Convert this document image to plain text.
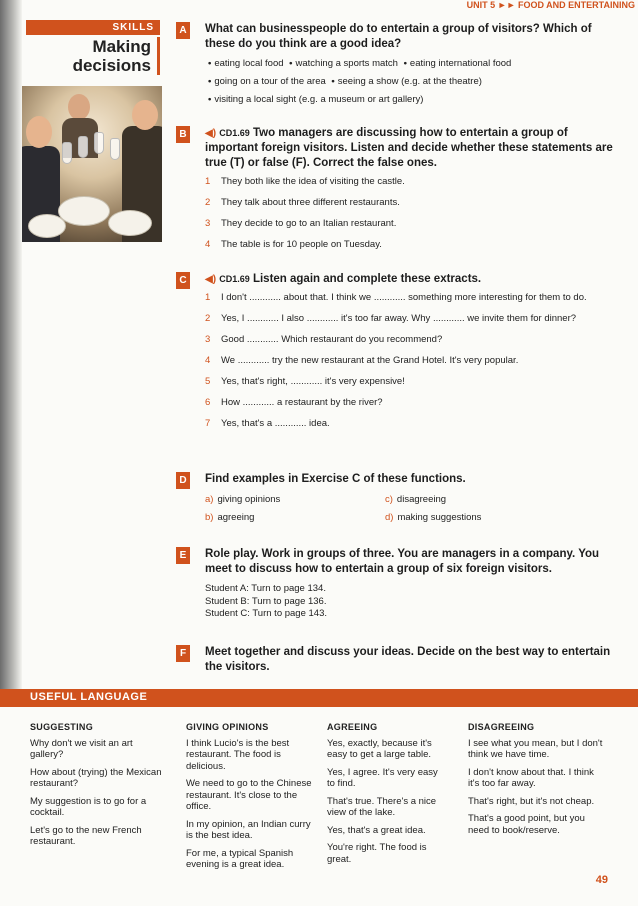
UNIT 5 ►► FOOD AND ENTERTAINING
SKILLS
Making
decisions
A What can businesspeople do to entertain a group of visitors? Which of these do you think are a good idea?
• eating local food • watching a sports match • eating international food
• going on a tour of the area • seeing a show (e.g. at the theatre)
• visiting a local sight (e.g. a museum or art gallery)
B	◀) CD1.69 Two managers are discussing how to entertain a group of important foreign visitors. Listen and decide whether these statements are true (T) or false (F). Correct the false ones.
1	They both like the idea of visiting the castle.
2	They talk about three different restaurants.
3	They decide to go to an Italian restaurant.
4	The table is for 10 people on Tuesday.
C	◀) CD1.69 Listen again and complete these extracts.
1	I don't ............ about that. I think we ............ something more interesting for them to do.
2	Yes, I ............ I also ............ it's too far away. Why ............ we invite them for dinner?
3	Good ............ Which restaurant do you recommend?
4	We ............ try the new restaurant at the Grand Hotel. It's very popular.
5	Yes, that's right, ............ it's very expensive!
6	How ............ a restaurant by the river?
7	Yes, that's a ............ idea.
D Find examples in Exercise C of these functions.
a) giving opinions	c) disagreeing
b) agreeing	d) making suggestions
E	Role play. Work in groups of three. You are managers in a company. You meet to discuss how to entertain a group of six foreign visitors.
Student A: Turn to page 134.
Student B: Turn to page 136.
Student C: Turn to page 143.
F	Meet together and discuss your ideas. Decide on the best way to entertain the visitors.
USEFUL LANGUAGE
SUGGESTING

Why don't we visit an art gallery?

How about (trying) the Mexican restaurant?

My suggestion is to go for a cocktail.

Let's go to the new French restaurant.

GIVING OPINIONS

I think Lucio's is the best restaurant. The food is delicious.

We need to go to the Chinese restaurant. It's close to the office.

In my opinion, an Indian curry is the best idea.

For me, a typical Spanish evening is a great idea.

AGREEING

Yes, exactly, because it's easy to get a large table.

Yes, I agree. It's very easy to find.

That's true. There's a nice view of the lake.

Yes, that's a great idea.

You're right. The food is great.

DISAGREEING

I see what you mean, but I don't think we have time.

I don't know about that. I think it's too far away.

That's right, but it's not cheap.

That's a good point, but you need to book/reserve.

49
